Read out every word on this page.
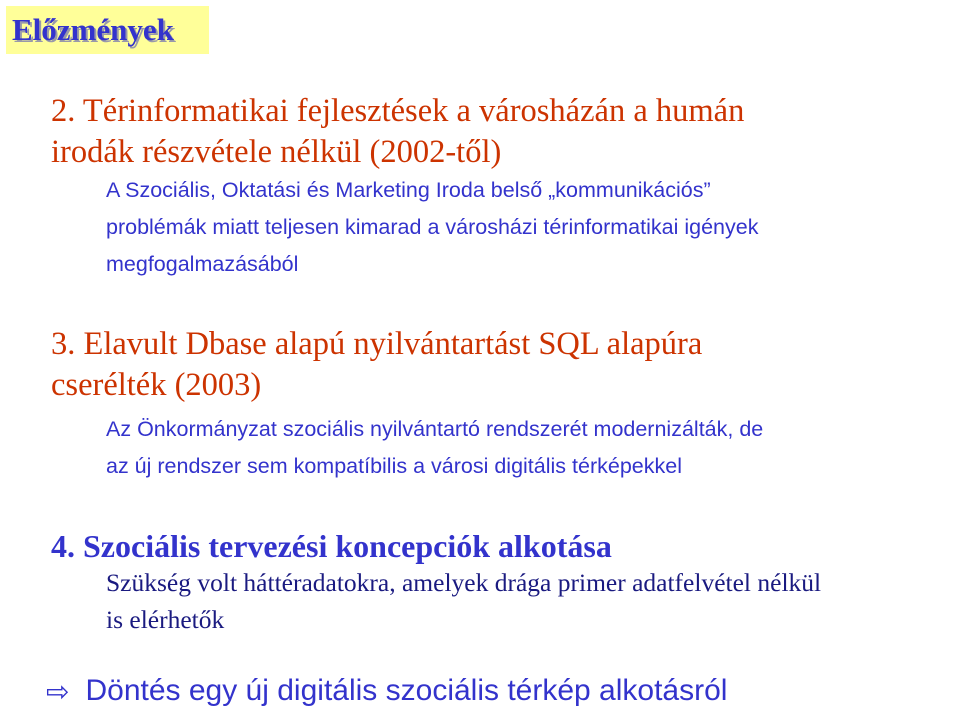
Előzmények
2. Térinformatikai fejlesztések a városházán a humán
irodák részvétele nélkül (2002-től)
A Szociális, Oktatási és Marketing Iroda belső „kommunikációs”
problémák miatt teljesen kimarad a városházi térinformatikai igények
megfogalmazásából
3. Elavult Dbase alapú nyilvántartást SQL alapúra
cserélték (2003)
Az Önkormányzat szociális nyilvántartó rendszerét modernizálták, de
az új rendszer sem kompatíbilis a városi digitális térképekkel
4. Szociális tervezési koncepciók alkotása
Szükség volt háttéradatokra, amelyek drága primer adatfelvétel nélkül
is elérhetők
⇨ Döntés egy új digitális szociális térkép alkotásról
